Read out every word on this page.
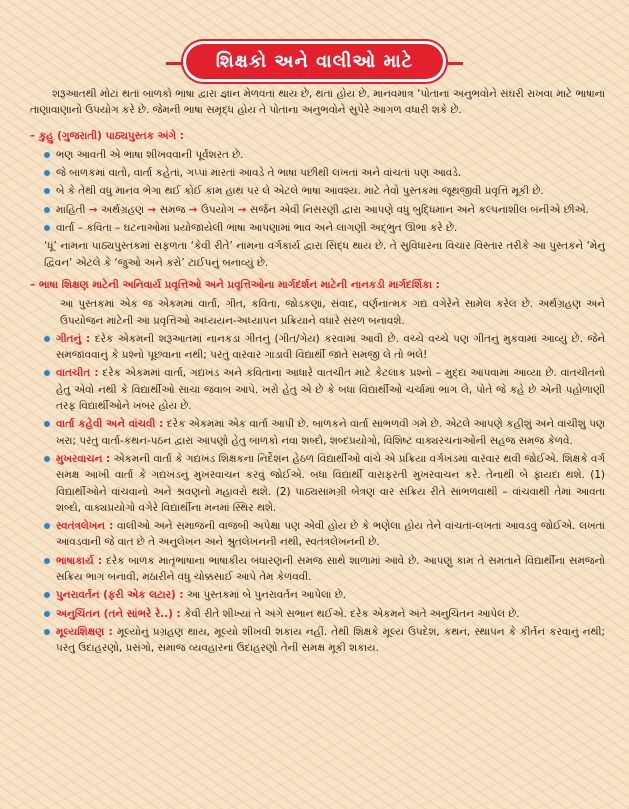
શિક્ષકો અને વાલીઓ માટે

શરૂઆતથી મોટાં થતાં બાળકો ભાષા દ્વારા જ્ઞાન મેળવતાં થાય છે, થતાં હોય છે. માનવમાત્ર ‘પોતાના અનુભવોને સંઘરી રાખવા માટે ભાષાના તાણાવાણાનો ઉપયોગ કરે છે. જેમની ભાષા સમૃદ્ધ હોય તે પોતાના અનુભવોને સુપેરે આગળ વધારી શકે છે.

– કુહુ (ગુજરાતી) પાઠ્યપુસ્તક અંગે :
ભણ આવતી એ ભાષા શીખવવાની પૂર્વશરત છે.
જે બાળકમાં વાતો, વાર્તા કહેતાં, ગપ્પાં મારતાં આવડે તે ભાષા પછીથી લખતાં અને વાંચતાં પણ આવડે.
બે કે તેથી વધુ માનવ ભેગા થઈ કોઈ કામ હાથ પર લે એટલે ભાષા આવશ્ય. માટે તેવો પુસ્તકમાં જૂથજીવી પ્રવૃત્તિ મૂકી છે.
માહિતી → અર્થગ્રહણ → સમજ → ઉપયોગ → સર્જન એવી નિસરણી દ્વારા આપણે વધુ બુદ્ધિમાન અને કલ્પનાશીલ બનીએ છીએ.
વાર્તા – કવિતા – ઘટનાઓમાં પ્રયોજાયેલી ભાષા આપણામાં ભાવ અને લાગણી અદ્ભુત ઊભા કરે છે.

‘ધૂં’ નામના પાઠ્યપુસ્તકમાં સફળતા ‘કેવી રીતે’ નામના વર્ગકાર્ય દ્વારા સિદ્ધ થાય છે. તે સુવિધારના વિચાર વિસ્તાર તરીકે આ પુસ્તકને ‘મેનુ દ્વિવન’ એટલે કે ‘જુઓ અને કરો’ ટાઈપનું બનાવ્યું છે.

– ભાષા શિક્ષણ માટેની અનિવાર્ય પ્રવૃત્તિઓ અને પ્રવૃત્તિઓના માર્ગદર્શન માટેની નાનકડી માર્ગદર્શિકા :

આ પુસ્તકમાં એક જ એકમમાં વાર્તા, ગીત, કવિતા, જોડકણાં, સંવાદ, વર્ણનાત્મક ગદ્ય વગેરેને સામેલ કરેલ છે. અર્થગ્રહણ અને ઉપયોજન માટેની આ પ્રવૃત્તિઓ અધ્યયન-અધ્યાપન પ્રક્રિયાને વધારે સરળ બનાવશે.

ગીતનું : દરેક એકમની શરૂઆતમાં નાનકડાં ગીતનું (ગીત/ગેય) કરવામાં આવી છે. વચ્ચે વચ્ચે પણ ગીતનું મુકવામાં આવ્યું છે. જેને સમજાવવાનું કે પ્રશ્નો પૂછવાના નથી; પરંતુ વારંવાર ગાડાવી વિદ્યાર્થી જાતે સમજી લે તો ભલે!
વાતચીત : દરેક એકમમાં વાર્તા, ગદ્યખંડ અને કવિતાના આધારે વાતચીત માટે કેટલાક પ્રશ્નો – મુદ્દા આપવામાં આવ્યા છે. વાતચીતનો હેતુ એવો નથી કે વિદ્યાર્થીઓ સાચા જવાબ આપે. ખરો હેતુ એ છે કે બધા વિદ્યાર્થીઓ ચર્ચામાં ભાગ લે, પોતે જે કહે છે એની પહોળાણી તરફ વિદ્યાર્થીઓને ખબર હોય છે.
વાર્તા કહેવી અને વાંચવી : દરેક એકમમાં એક વાર્તા આપી છે. બાળકને વાર્તા સાંભળવી ગમે છે. એટલે આપણે કહીશું અને વાંચીશું પણ ખરા; પરંતુ વાર્તા-કથન-પઠન દ્વારા આપણો હેતુ બાળકો નવા શબ્દો, શબ્દપ્રયોગો, વિશિષ્ટ વાક્યરચનાઓની સહજ સમજ કેળવે.
મુખરવાચન : એકમની વાર્તા કે ગદ્યખંડ શિક્ષકના નિર્દેશન હેઠળ વિદ્યાર્થીઓ વાંચે એ પ્રક્રિયા વર્ગખંડમાં વારંવાર થવી જોઈએ. શિક્ષકે વર્ગ સમક્ષ આખી વાર્તા કે ગદ્યખંડનું મુખરવાચન કરવું જોઈએ. બધા વિદ્યાર્થી વારાફરતી મુખરવાચન કરે. તેનાથી બે ફાયદા થશે. (1) વિદ્યાર્થીઓને વાંચવાનો અને શ્રવણનો મહાવરો થશે. (2) પાઠ્યસામગ્રી બેત્રણ વાર સક્રિય રીતે સાંભળવાથી – વાંચવાથી તેમાં આવતા શબ્દો, વાક્યપ્રયોગો વગેરે વિદ્યાર્થીના મનમાં સ્થિર થશે.
સ્વતંત્રલેખન : વાલીઓ અને સમાજની વાજબી અપેક્ષા પણ એવી હોય છે કે ભણેલા હોય તેને વાંચતાં-લખતાં આવડવું જોઈએ. લખતાં આવડવાની જે વાત છે તે અનુલેખન અને શ્રુતલેખનની નથી, સ્વતંત્રલેખનની છે.
ભાષાકાર્ય : દરેક બાળક માતૃભાષાના ભાષાકીય બંધારણની સમજ સાથે શાળામાં આવે છે. આપણું કામ તે સમતાને વિદ્યાર્થીના સમજનો સક્રિય ભાગ બનાવી, મઠારીને વધુ ચોક્કસાઈ આપે તેમ કેળવવી.
પુનરાવર્તન (ફરી એક લટાર) : આ પુસ્તકમાં બે પુનરાવર્તન આપેલાં છે.
અનુચિંતન (તને સાંભરે રે..) : કેવી રીતે શીખ્યાં તે અંગે સભાન થઈએ. દરેક એકમને અંતે અનુચિંતન આપેલ છે.
મૂલ્યશિક્ષણ : મૂલ્યોનું પ્રગ્રહણ થાય, મૂલ્યો શીખવી શકાય નહીં. તેથી શિક્ષકે મૂલ્ય ઉપદેશ, કથન, સ્થાપન કે કીર્તન કરવાનું નથી; પરંતુ ઉદાહરણો, પ્રસંગો, સમાજ વ્યવહારનાં ઉદાહરણો તેની સમક્ષ મૂકી શકાય.
